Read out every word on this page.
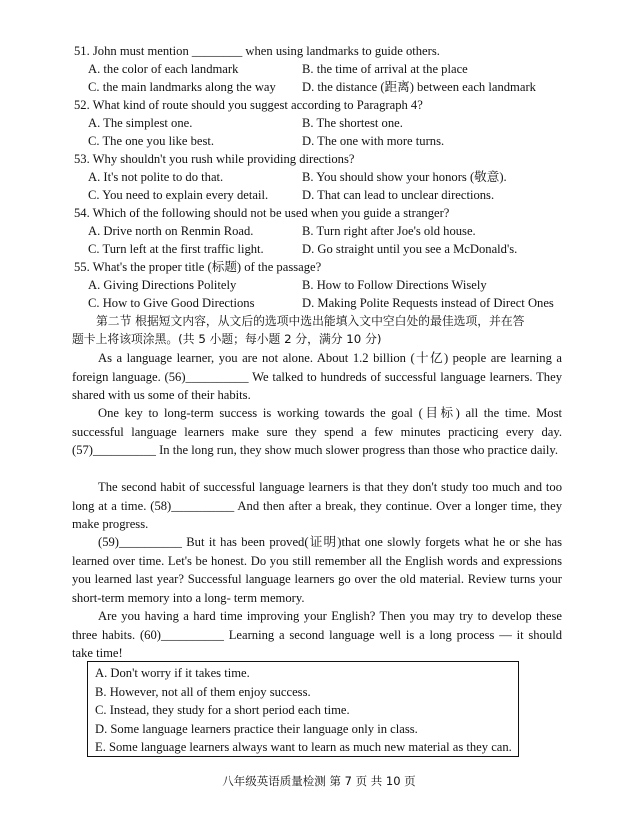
51. John must mention ________ when using landmarks to guide others.
A. the color of each landmark	B. the time of arrival at the place
C. the main landmarks along the way D. the distance (距离) between each landmark
52. What kind of route should you suggest according to Paragraph 4?
A. The simplest one.	B. The shortest one.
C. The one you like best.	D. The one with more turns.
53. Why shouldn't you rush while providing directions?
A. It's not polite to do that.	B. You should show your honors (敬意).
C. You need to explain every detail.	D. That can lead to unclear directions.
54. Which of the following should not be used when you guide a stranger?
A. Drive north on Renmin Road.	B. Turn right after Joe's old house.
C. Turn left at the first traffic light.	D. Go straight until you see a McDonald's.
55. What's the proper title (标题) of the passage?
A. Giving Directions Politely	B. How to Follow Directions Wisely
C. How to Give Good Directions	D. Making Polite Requests instead of Direct Ones
第二节 根据短文内容，从文后的选项中选出能填入文中空白处的最佳选项，并在答
题卡上将该项涂黑。(共 5 小题；每小题 2 分，满分 10 分)
As a language learner, you are not alone. About 1.2 billion (十亿) people are learning a foreign language. (56)__________ We talked to hundreds of successful language learners. They shared with us some of their habits.
One key to long-term success is working towards the goal (目标) all the time. Most successful language learners make sure they spend a few minutes practicing every day. (57)__________ In the long run, they show much slower progress than those who practice daily.
The second habit of successful language learners is that they don't study too much and too long at a time. (58)__________ And then after a break, they continue. Over a longer time, they make progress.
(59)__________ But it has been proved(证明)that one slowly forgets what he or she has learned over time. Let's be honest. Do you still remember all the English words and expressions you learned last year? Successful language learners go over the old material. Review turns your short-term memory into a long- term memory.
Are you having a hard time improving your English? Then you may try to develop these three habits. (60)__________ Learning a second language well is a long process — it should take time!
A. Don't worry if it takes time.
B. However, not all of them enjoy success.
C. Instead, they study for a short period each time.
D. Some language learners practice their language only in class.
E. Some language learners always want to learn as much new material as they can.
八年级英语质量检测 第 7 页 共 10 页
